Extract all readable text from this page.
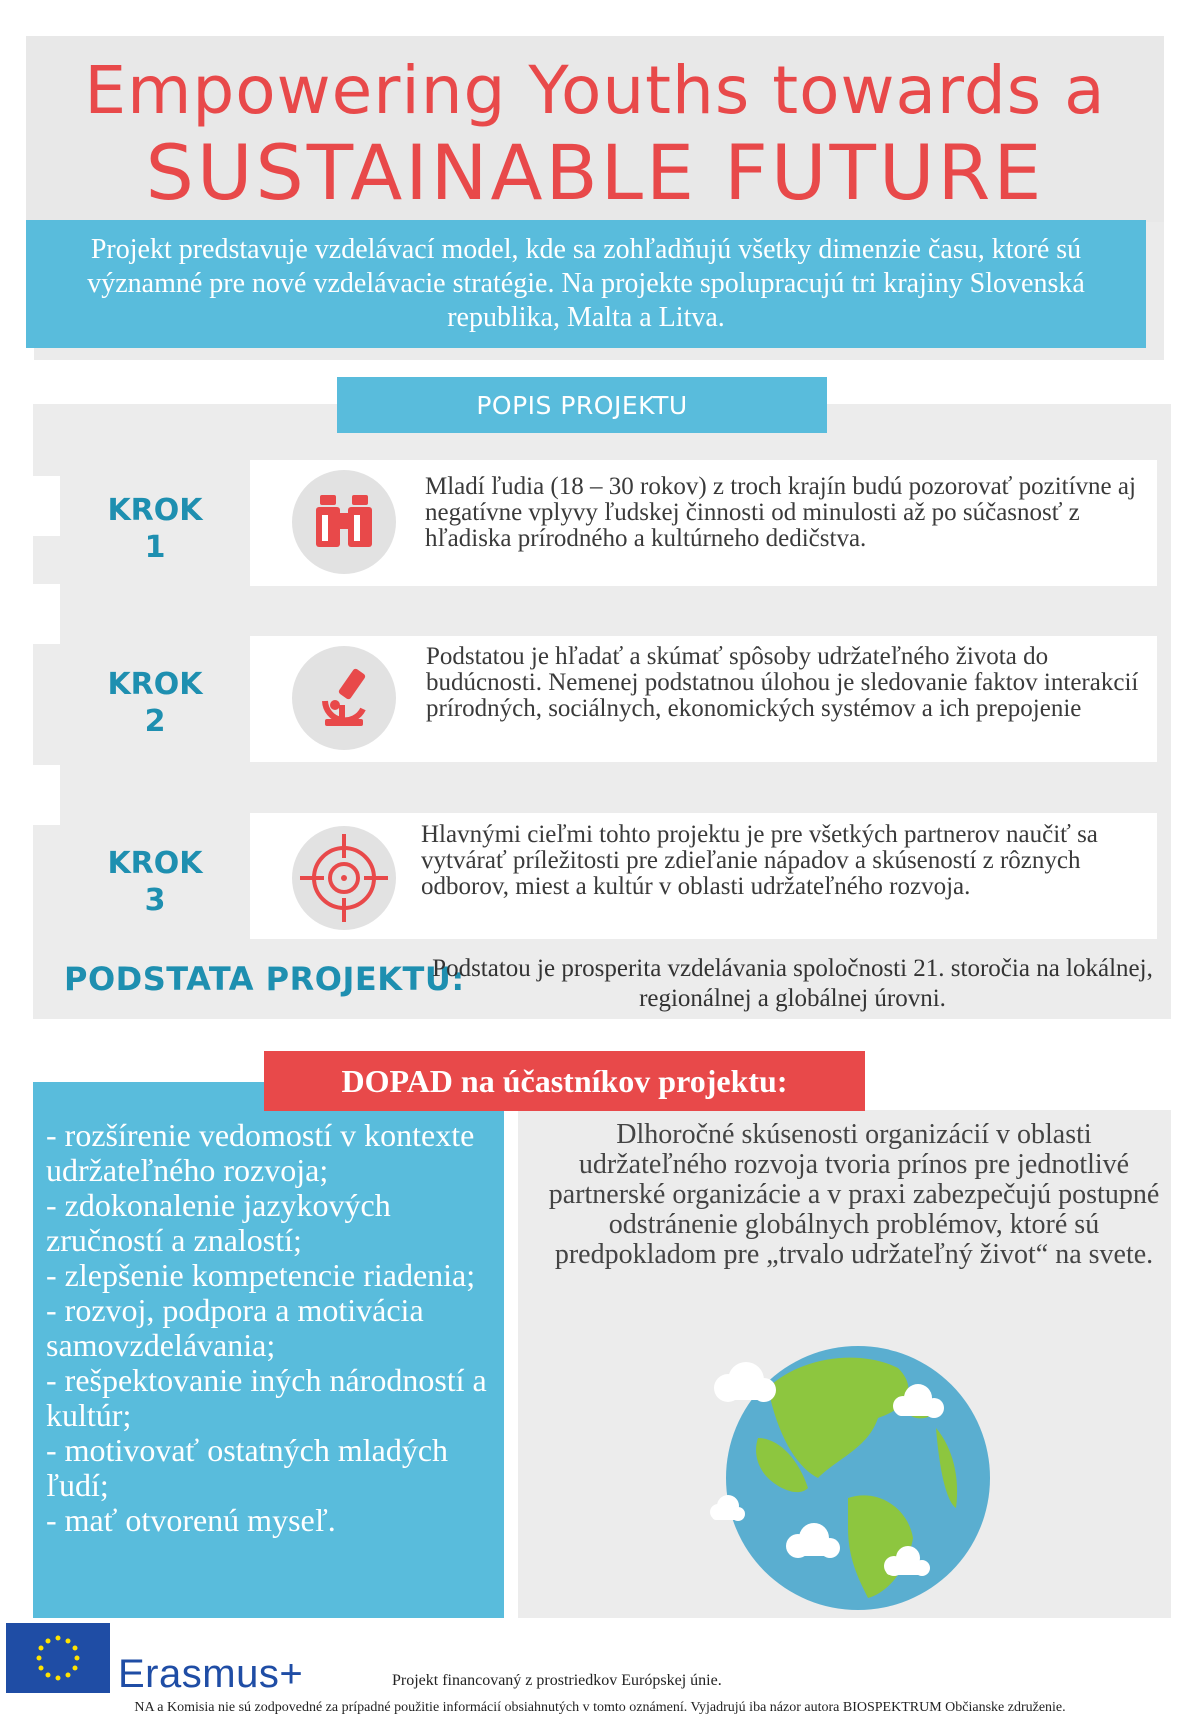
Empowering Youths towards a
SUSTAINABLE FUTURE
Projekt predstavuje vzdelávací model, kde sa zohľadňujú všetky dimenzie času, ktoré sú významné pre nové vzdelávacie stratégie. Na projekte spolupracujú tri krajiny Slovenská republika, Malta a Litva.
POPIS PROJEKTU
KROK
1
Mladí ľudia (18 – 30 rokov) z troch krajín budú pozorovať pozitívne aj negatívne vplyvy ľudskej činnosti od minulosti až po súčasnosť z hľadiska prírodného a kultúrneho dedičstva.
KROK
2
Podstatou je hľadať a skúmať spôsoby udržateľného života do budúcnosti. Nemenej podstatnou úlohou je sledovanie faktov interakcií prírodných, sociálnych, ekonomických systémov a ich prepojenie
KROK
3
Hlavnými cieľmi tohto projektu je pre všetkých partnerov naučiť sa vytvárať príležitosti pre zdieľanie nápadov a skúseností z rôznych odborov, miest a kultúr v oblasti udržateľného rozvoja.
PODSTATA PROJEKTU:
Podstatou je prosperita vzdelávania spoločnosti 21. storočia na lokálnej, regionálnej a globálnej úrovni.
DOPAD na účastníkov projektu:
- rozšírenie vedomostí v kontexte udržateľného rozvoja;
- zdokonalenie jazykových zručností a znalostí;
- zlepšenie kompetencie riadenia;
- rozvoj, podpora a motivácia samovzdelávania;
- rešpektovanie iných národností a kultúr;
- motivovať ostatných mladých ľudí;
- mať otvorenú myseľ.
Dlhoročné skúsenosti organizácií v oblasti udržateľného rozvoja tvoria prínos pre jednotlivé partnerské organizácie a v praxi zabezpečujú postupné odstránenie globálnych problémov, ktoré sú predpokladom pre „trvalo udržateľný život“ na svete.
Erasmus+	Projekt financovaný z prostriedkov Európskej únie.
NA a Komisia nie sú zodpovedné za prípadné použitie informácií obsiahnutých v tomto oznámení. Vyjadrujú iba názor autora BIOSPEKTRUM Občianske združenie.
